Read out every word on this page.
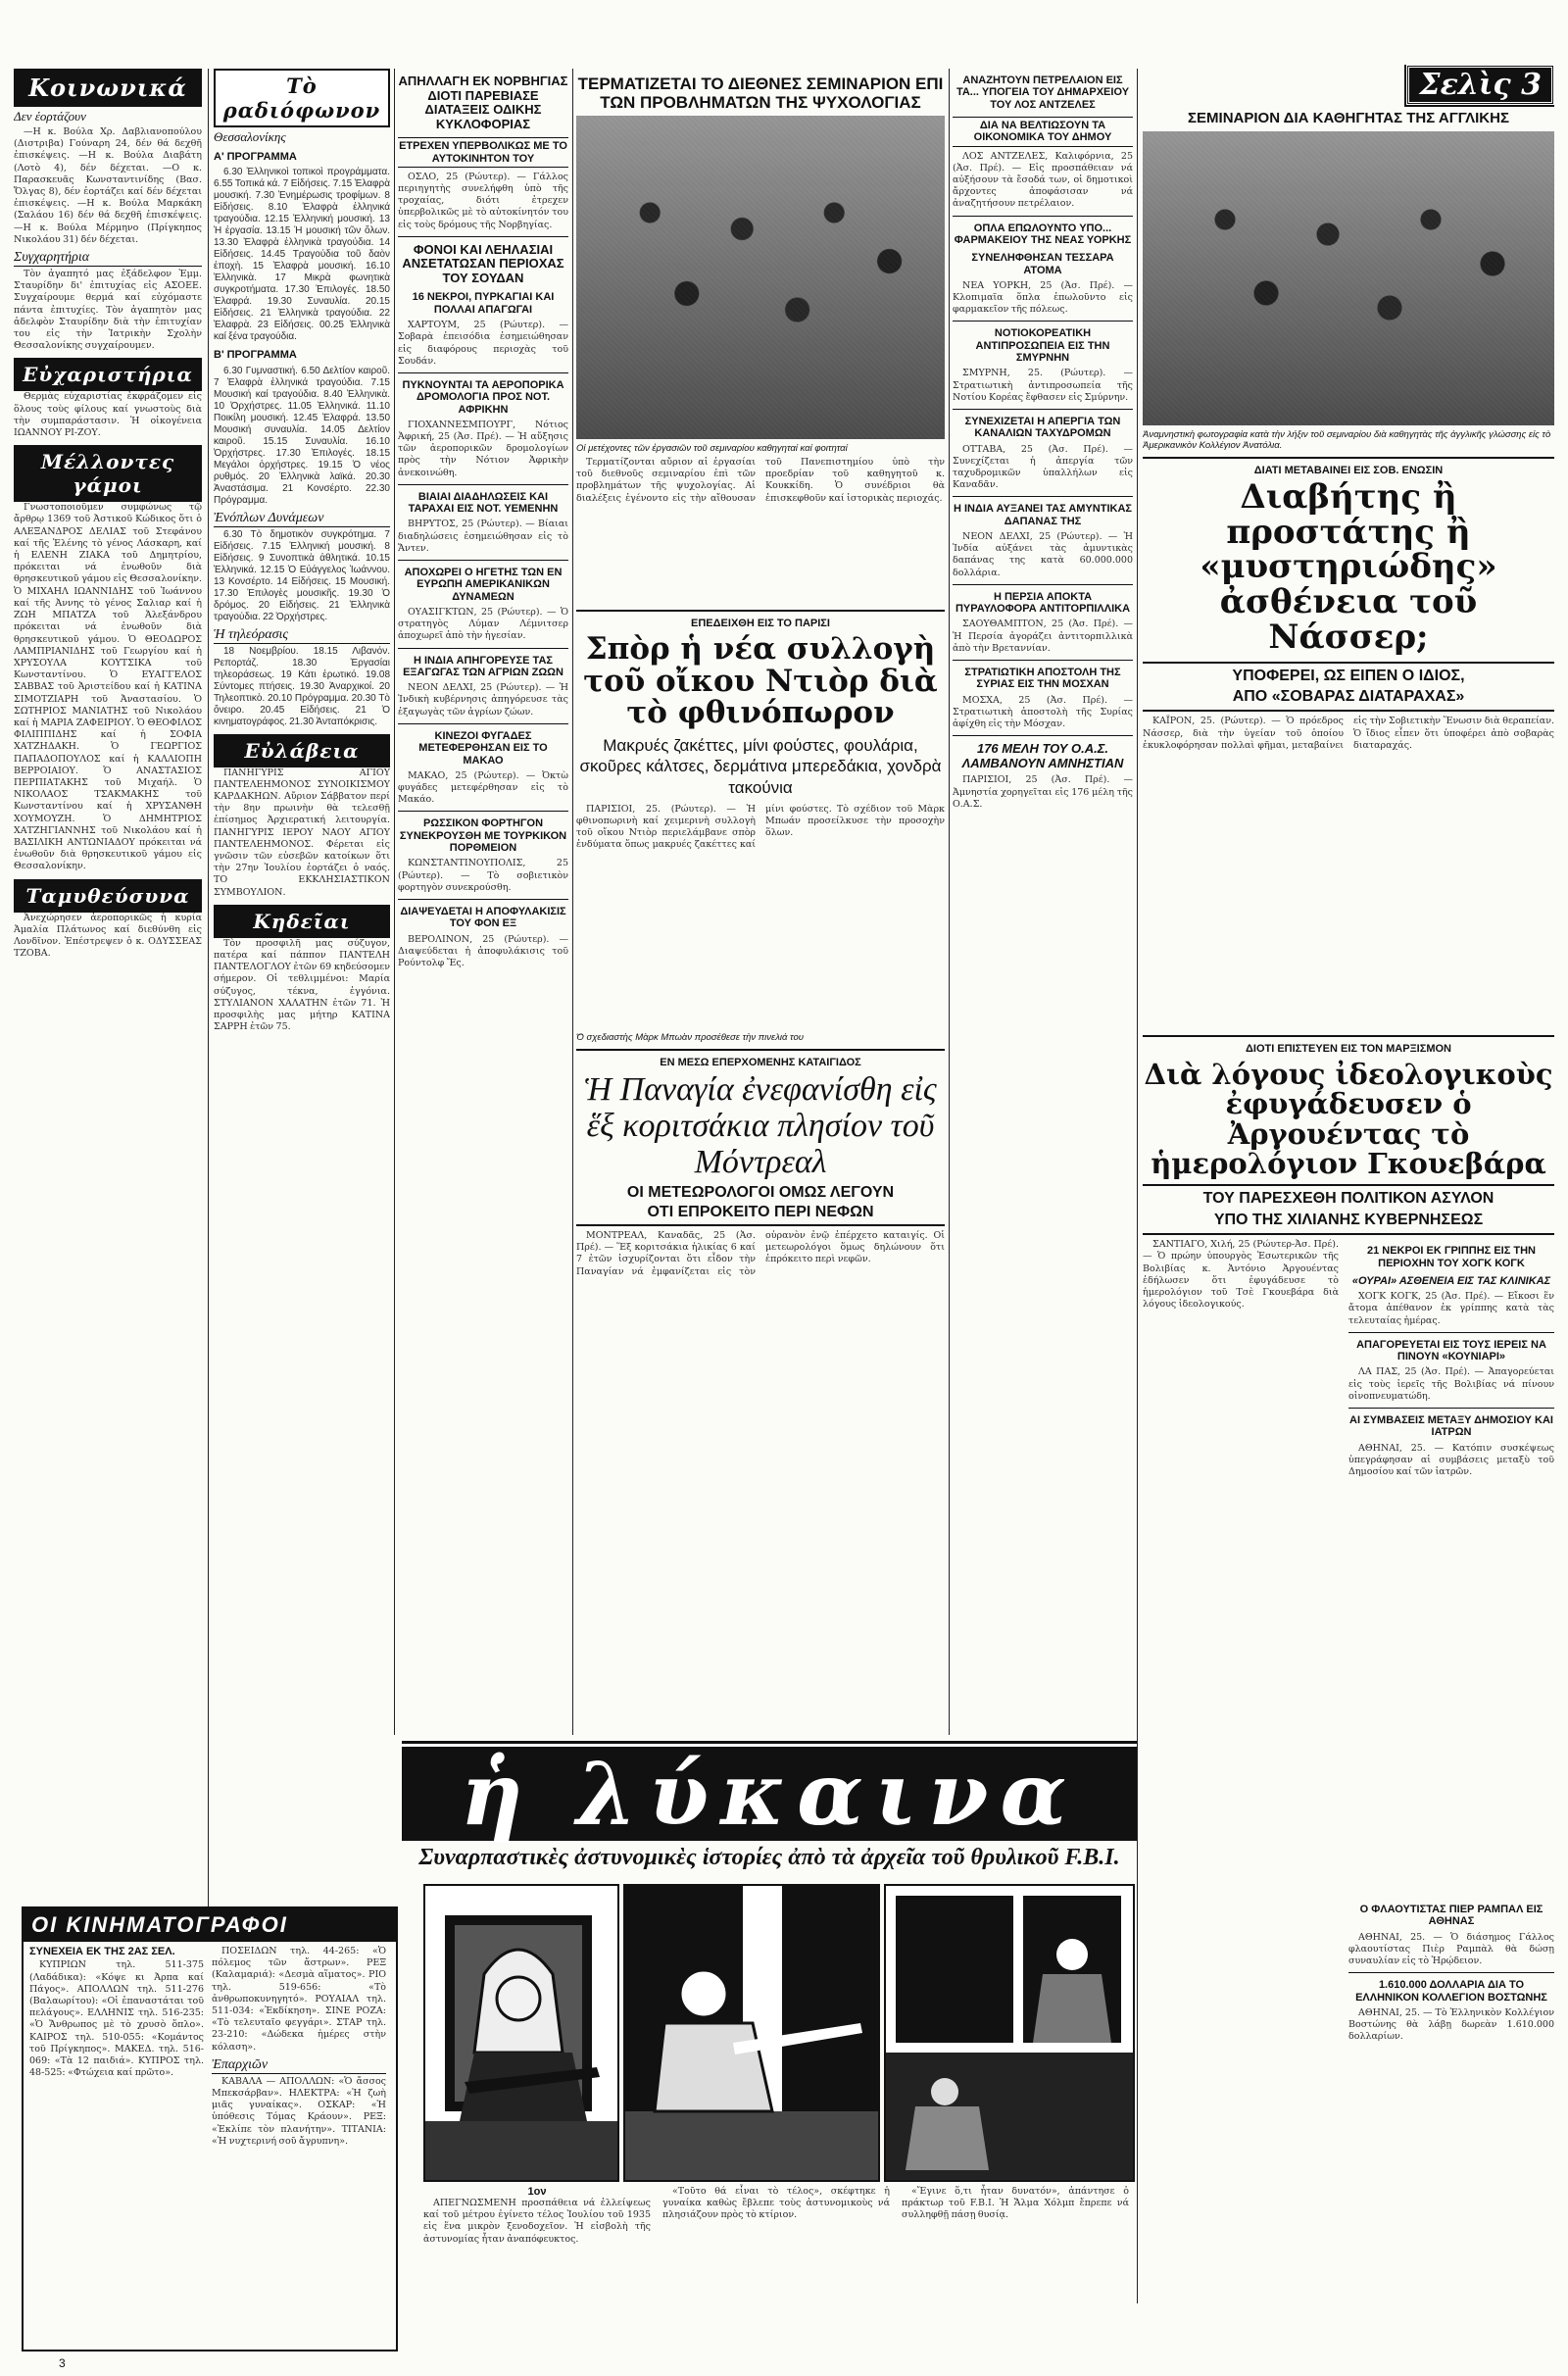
Κοινωνικά
Δεν έορτάζουν

—Η κ. Βούλα Χρ. Δαβλιανοπούλου (Διστριβα) Γούναρη 24, δέν θά δεχθῆ ἐπισκέψεις. —Η κ. Βούλα Διαβάτη (Λοτὸ 4), δέν δέχεται. —Ο κ. Παρασκευᾶς Κωνσταντινίδης (Βασ. Ὄλγας 8), δέν ἐορτάζει καί δέν δέχεται ἐπισκέψεις. —Η κ. Βούλα Μαρκάκη (Σαλάου 16) δέν θά δεχθῆ ἐπισκέψεις. —Η κ. Βούλα Μέρμηνο (Πρίγκηπος Νικολάου 31) δέν δέχεται.

Συγχαρητήρια

Τὸν ἀγαπητό μας ἐξάδελφον Ἐμμ. Σταυρίδην δι' ἐπιτυχίας εἰς ΑΣΟΕΕ. Συγχαίρουμε θερμά καί εὐχόμαστε πάντα ἐπιτυχίες. Τὸν ἀγαπητὸν μας ἀδελφὸν Σταυρίδην διὰ τὴν ἐπιτυχίαν του εἰς τὴν Ἰατρικὴν Σχολὴν Θεσσαλονίκης συγχαίρουμεν.

Εὐχαριστήρια

Θερμὰς εὐχαριστίας ἐκφράζομεν εἰς ὅλους τοὺς φίλους καί γνωστοὺς διὰ τὴν συμπαράστασιν. Ἡ οἰκογένεια ΙΩΑΝΝΟΥ ΡΙ-ΖΟΥ.

Μέλλοντες γάμοι

Γνωστοποιοῦμεν συμφώνως τῷ ἄρθρῳ 1369 τοῦ Ἀστικοῦ Κώδικος ὅτι ὁ ΑΛΕΞΑΝΔΡΟΣ ΔΕΛΙΑΣ τοῦ Στεφάνου καί τῆς Ἑλένης τὸ γένος Λάσκαρη, καί ἡ ΕΛΕΝΗ ΖΙΑΚΑ τοῦ Δημητρίου, πρόκειται νά ἐνωθοῦν διὰ θρησκευτικοῦ γάμου εἰς Θεσσαλονίκην. Ὁ ΜΙΧΑΗΛ ΙΩΑΝΝΙΔΗΣ τοῦ Ἰωάννου καί τῆς Ἀννης τὸ γένος Σαλιαρ καί ἡ ΖΩΗ ΜΠΑΤΖΑ τοῦ Ἀλεξάνδρου πρόκειται νά ἐνωθοῦν διὰ θρησκευτικοῦ γάμου. Ὁ ΘΕΟΔΩΡΟΣ ΛΑΜΠΡΙΑΝΙΔΗΣ τοῦ Γεωργίου καί ἡ ΧΡΥΣΟΥΛΑ ΚΟΥΤΣΙΚΑ τοῦ Κωνσταντίνου. Ὁ ΕΥΑΓΓΕΛΟΣ ΣΑΒΒΑΣ τοῦ Ἀριστείδου καί ἡ ΚΑΤΙΝΑ ΣΙΜΟΤΖΙΑΡΗ τοῦ Ἀναστασίου. Ὁ ΣΩΤΗΡΙΟΣ ΜΑΝΙΑΤΗΣ τοῦ Νικολάου καί ἡ ΜΑΡΙΑ ΖΑΦΕΙΡΙΟΥ. Ὁ ΘΕΟΦΙΛΟΣ ΦΙΛΙΠΠΙΔΗΣ καί ἡ ΣΟΦΙΑ ΧΑΤΖΗΔΑΚΗ. Ὁ ΓΕΩΡΓΙΟΣ ΠΑΠΑΔΟΠΟΥΛΟΣ καί ἡ ΚΑΛΛΙΟΠΗ ΒΕΡΡΟΙΑΙΟΥ. Ὁ ΑΝΑΣΤΑΣΙΟΣ ΠΕΡΠΙΑΤΑΚΗΣ τοῦ Μιχαήλ. Ὁ ΝΙΚΟΛΑΟΣ ΤΣΑΚΜΑΚΗΣ τοῦ Κωνσταντίνου καί ἡ ΧΡΥΣΑΝΘΗ ΧΟΥΜΟΥΖΗ. Ὁ ΔΗΜΗΤΡΙΟΣ ΧΑΤΖΗΓΙΑΝΝΗΣ τοῦ Νικολάου καί ἡ ΒΑΣΙΛΙΚΗ ΑΝΤΩΝΙΑΔΟΥ πρόκειται νά ἐνωθοῦν διὰ θρησκευτικοῦ γάμου εἰς Θεσσαλονίκην.

Ταμυθεύσυνα

Ἀνεχώρησεν ἀεροπορικῶς ἡ κυρία Ἀμαλία Πλάτωνος καί διεθύνθη εἰς Λονδῖνον. Ἐπέστρεψεν ὁ κ. ΟΔΥΣΣΕΑΣ ΤΖΟΒΑ.

Τὸ ραδιόφωνον
Θεσσαλονίκης
Α' ΠΡΟΓΡΑΜΜΑ

6.30 Ἐλληνικοὶ τοπικοὶ προγράμματα. 6.55 Τοπικά κά. 7 Εἰδήσεις. 7.15 Ἐλαφρὰ μουσική. 7.30 Ἐνημέρωσις τροφίμων. 8 Εἰδήσεις. 8.10 Ἐλαφρὰ ἐλληνικά τραγούδια. 12.15 Ἐλληνική μουσική. 13 Ἡ ἐργασία. 13.15 Ἡ μουσική τῶν ὅλων. 13.30 Ἐλαφρὰ ἐλληνικὰ τραγούδια. 14 Εἰδήσεις. 14.45 Τραγούδια τοῦ δαὸν ἐποχὴ. 15 Ἐλαφρὰ μουσική. 16.10 Ἐλληνικὰ. 17 Μικρὰ φωνητικὰ συγκροτήματα. 17.30 Ἐπιλογές. 18.50 Ἐλαφρά. 19.30 Συναυλία. 20.15 Εἰδήσεις. 21 Ἐλληνικὰ τραγούδια. 22 Ἐλαφρὰ. 23 Εἰδήσεις. 00.25 Ἐλληνικὰ καί ξένα τραγούδια.

Β' ΠΡΟΓΡΑΜΜΑ

6.30 Γυμναστική. 6.50 Δελτίον καιροῦ. 7 Ἐλαφρὰ ἐλληνικά τραγούδια. 7.15 Μουσική καί τραγούδια. 8.40 Ἐλληνικὰ. 10 Ὀρχήστρες. 11.05 Ἐλληνικά. 11.10 Ποικίλη μουσική. 12.45 Ἐλαφρά. 13.50 Μουσική συναυλία. 14.05 Δελτίον καιροῦ. 15.15 Συναυλία. 16.10 Ὀρχήστρες. 17.30 Ἐπιλογές. 18.15 Μεγάλοι ὀρχήστρες. 19.15 Ὁ νέος ρυθμός. 20 Ἐλληνικὰ λαϊκά. 20.30 Ἀναστάσιμα. 21 Κονσέρτο. 22.30 Πρόγραμμα.

Ἐνόπλων Δυνάμεων

6.30 Τὸ δημοτικὸν συγκρότημα. 7 Εἰδήσεις. 7.15 Ἐλληνική μουσική. 8 Εἰδήσεις. 9 Συνοπτικὰ ἀθλητικά. 10.15 Ἐλληνικά. 12.15 Ὁ Εὐάγγελος Ἰωάννου. 13 Κονσέρτο. 14 Εἰδήσεις. 15 Μουσική. 17.30 Ἐπιλογὲς μουσικῆς. 19.30 Ὁ δρόμος. 20 Εἰδήσεις. 21 Ἐλληνικὰ τραγούδια. 22 Ὀρχήστρες.

Ἡ τηλεόρασις

18 Νοεμβρίου. 18.15 Λιβανόν. Ρεπορτάζ. 18.30 Ἐργασίαι τηλεοράσεως. 19 Κάτι ἐρωτικό. 19.08 Σύντομες πτήσεις. 19.30 Ἀναρχικοί. 20 Τηλεοπτικὸ. 20.10 Πρόγραμμα. 20.30 Τὸ ὄνειρο. 20.45 Εἰδήσεις. 21 Ὁ κινηματογράφος. 21.30 Ἀνταπόκρισις.

Εὐλάβεια

ΠΑΝΗΓΥΡΙΣ ΑΓΙΟΥ ΠΑΝΤΕΛΕΗΜΟΝΟΣ ΣΥΝΟΙΚΙΣΜΟΥ ΚΑΡΔΑΚΗΩΝ. Αὔριον Σάββατον περί τὴν 8ην πρωινὴν θὰ τελεσθῇ ἐπίσημος Ἀρχιερατική λειτουργία. ΠΑΝΗΓΥΡΙΣ ΙΕΡΟΥ ΝΑΟΥ ΑΓΙΟΥ ΠΑΝΤΕΛΕΗΜΟΝΟΣ. Φέρεται εἰς γνῶσιν τῶν εὐσεβῶν κατοίκων ὅτι τὴν 27ην Ἰουλίου ἑορτάζει ὁ ναός. ΤΟ ΕΚΚΛΗΣΙΑΣΤΙΚΟΝ ΣΥΜΒΟΥΛΙΟΝ.

Κηδεῖαι

Τὸν προσφιλῆ μας σύζυγον, πατέρα καί πάππον ΠΑΝΤΕΛΗ ΠΑΝΤΕΛΟΓΛΟΥ ἐτῶν 69 κηδεύσομεν σήμερον. Οἱ τεθλιμμένοι: Μαρία σύζυγος, τέκνα, ἐγγόνια. ΣΤΥΛΙΑΝΟΝ ΧΑΛΑΤΗΝ ἐτῶν 71. Ἡ προσφιλὴς μας μήτηρ ΚΑΤΙΝΑ ΣΑΡΡΗ ἐτῶν 75.

ΑΠΗΛΛΑΓΗ ΕΚ ΝΟΡΒΗΓΙΑΣ ΔΙΟΤΙ ΠΑΡΕΒΙΑΣΕ ΔΙΑΤΑΞΕΙΣ ΟΔΙΚΗΣ ΚΥΚΛΟΦΟΡΙΑΣ
ΕΤΡΕΧΕΝ ΥΠΕΡΒΟΛΙΚΩΣ ΜΕ ΤΟ ΑΥΤΟΚΙΝΗΤΟΝ ΤΟΥ

ΟΣΛΟ, 25 (Ρώυτερ). — Γάλλος περιηγητὴς συνελήφθη ὑπὸ τῆς τροχαίας, διότι ἐτρεχεν ὑπερβολικῶς μὲ τὸ αὐτοκίνητόν του εἰς τοὺς δρόμους τῆς Νορβηγίας.

ΦΟΝΟΙ ΚΑΙ ΛΕΗΛΑΣΙΑΙ ΑΝΣΕΤΑΤΩΣΑΝ ΠΕΡΙΟΧΑΣ ΤΟΥ ΣΟΥΔΑΝ
16 ΝΕΚΡΟΙ, ΠΥΡΚΑΓΙΑΙ ΚΑΙ ΠΟΛΛΑΙ ΑΠΑΓΩΓΑΙ

ΧΑΡΤΟΥΜ, 25 (Ρώυτερ). — Σοβαρὰ ἐπεισόδια ἐσημειώθησαν εἰς διαφόρους περιοχὰς τοῦ Σουδάν.

ΠΥΚΝΟΥΝΤΑΙ ΤΑ ΑΕΡΟΠΟΡΙΚΑ ΔΡΟΜΟΛΟΓΙΑ ΠΡΟΣ ΝΟΤ. ΑΦΡΙΚΗΝ

ΓΙΟΧΑΝΝΕΣΜΠΟΥΡΓ, Νότιος Ἀφρική, 25 (Ἀσ. Πρέ). — Ἡ αὔξησις τῶν ἀεροπορικῶν δρομολογίων πρὸς τὴν Νότιον Ἀφρικὴν ἀνεκοινώθη.

ΒΙΑΙΑΙ ΔΙΑΔΗΛΩΣΕΙΣ ΚΑΙ ΤΑΡΑΧΑΙ ΕΙΣ ΝΟΤ. ΥΕΜΕΝΗΝ

ΒΗΡΥΤΟΣ, 25 (Ρώυτερ). — Βίαιαι διαδηλώσεις ἐσημειώθησαν εἰς τὸ Ἄντεν.

ΑΠΟΧΩΡΕΙ Ο ΗΓΕΤΗΣ ΤΩΝ ΕΝ ΕΥΡΩΠΗ ΑΜΕΡΙΚΑΝΙΚΩΝ ΔΥΝΑΜΕΩΝ

ΟΥΑΣΙΓΚΤΩΝ, 25 (Ρώυτερ). — Ὁ στρατηγὸς Λύμαν Λέμνιτσερ ἀποχωρεῖ ἀπὸ τὴν ἡγεσίαν.

Η ΙΝΔΙΑ ΑΠΗΓΟΡΕΥΣΕ ΤΑΣ ΕΞΑΓΩΓΑΣ ΤΩΝ ΑΓΡΙΩΝ ΖΩΩΝ

ΝΕΟΝ ΔΕΛΧΙ, 25 (Ρώυτερ). — Ἡ Ἰνδικὴ κυβέρνησις ἀπηγόρευσε τὰς ἐξαγωγὰς τῶν ἀγρίων ζώων.

ΚΙΝΕΖΟΙ ΦΥΓΑΔΕΣ ΜΕΤΕΦΕΡΘΗΣΑΝ ΕΙΣ ΤΟ ΜΑΚΑΟ

ΜΑΚΑΟ, 25 (Ρώυτερ). — Ὀκτὼ φυγάδες μετεφέρθησαν εἰς τὸ Μακάο.

ΡΩΣΣΙΚΟΝ ΦΟΡΤΗΓΟΝ ΣΥΝΕΚΡΟΥΣΘΗ ΜΕ ΤΟΥΡΚΙΚΟΝ ΠΟΡΘΜΕΙΟΝ

ΚΩΝΣΤΑΝΤΙΝΟΥΠΟΛΙΣ, 25 (Ρώυτερ). — Τὸ σοβιετικὸν φορτηγὸν συνεκρούσθη.

ΔΙΑΨΕΥΔΕΤΑΙ Η ΑΠΟΦΥΛΑΚΙΣΙΣ ΤΟΥ ΦΟΝ ΕΞ

ΒΕΡΟΛΙΝΟΝ, 25 (Ρώυτερ). — Διαψεύδεται ἡ ἀποφυλάκισις τοῦ Ρούντολφ Ἔς.

ΤΕΡΜΑΤΙΖΕΤΑΙ ΤΟ ΔΙΕΘΝΕΣ ΣΕΜΙΝΑΡΙΟΝ ΕΠΙ ΤΩΝ ΠΡΟΒΛΗΜΑΤΩΝ ΤΗΣ ΨΥΧΟΛΟΓΙΑΣ
Οἱ μετέχοντες τῶν ἐργασιῶν τοῦ σεμιναρίου καθηγηταί καί φοιτηταί

Τερματίζονται αὔριον αἱ ἐργασίαι τοῦ διεθνοῦς σεμιναρίου ἐπὶ τῶν προβλημάτων τῆς ψυχολογίας. Αἱ διαλέξεις ἐγένοντο εἰς τὴν αἴθουσαν τοῦ Πανεπιστημίου ὑπὸ τὴν προεδρίαν τοῦ καθηγητοῦ κ. Κουκκίδη. Ὁ συνέδριοι θὰ ἐπισκεφθοῦν καί ἱστορικὰς περιοχάς.

ΕΠΕΔΕΙΧΘΗ ΕΙΣ ΤΟ ΠΑΡΙΣΙ
Σπὸρ ἡ νέα συλλογὴ τοῦ οἴκου Ντιὸρ διὰ τὸ φθινόπωρον
Μακρυές ζακέττες, μίνι φούστες, φουλάρια, σκοῦρες κάλτσες, δερμάτινα μπερεδάκια, χονδρὰ τακούνια

ΠΑΡΙΣΙΟΙ, 25. (Ρώυτερ). — Ἡ φθινοπωρινὴ καί χειμερινὴ συλλογὴ τοῦ οἴκου Ντιὸρ περιελάμβανε σπὸρ ἐνδύματα ὅπως μακρυές ζακέττες καί μίνι φούστες. Τὸ σχέδιον τοῦ Μὰρκ Μπωάν προσείλκυσε τὴν προσοχὴν ὅλων.

Ὁ σχεδιαστὴς Μὰρκ Μπωὰν προσέθεσε τὴν πινελιά του
ΕΝ ΜΕΣΩ ΕΠΕΡΧΟΜΕΝΗΣ ΚΑΤΑΙΓΙΔΟΣ
Ἡ Παναγία ἐνεφανίσθη εἰς ἕξ κοριτσάκια πλησίον τοῦ Μόντρεαλ
ΟΙ ΜΕΤΕΩΡΟΛΟΓΟΙ ΟΜΩΣ ΛΕΓΟΥΝ
ΟΤΙ ΕΠΡΟΚΕΙΤΟ ΠΕΡΙ ΝΕΦΩΝ

ΜΟΝΤΡΕΑΛ, Καναδᾶς, 25 (Ἀσ. Πρέ). — Ἕξ κοριτσάκια ἡλικίας 6 καί 7 ἐτῶν ἰσχυρίζονται ὅτι εἶδον τὴν Παναγίαν νά ἐμφανίζεται εἰς τὸν οὐρανὸν ἐνῷ ἐπέρχετο καταιγίς. Οἱ μετεωρολόγοι ὅμως δηλώνουν ὅτι ἐπρόκειτο περὶ νεφῶν.

ΑΝΑΖΗΤΟΥΝ ΠΕΤΡΕΛΑΙΟΝ ΕΙΣ ΤΑ... ΥΠΟΓΕΙΑ ΤΟΥ ΔΗΜΑΡΧΕΙΟΥ ΤΟΥ ΛΟΣ ΑΝΤΖΕΛΕΣ
ΔΙΑ ΝΑ ΒΕΛΤΙΩΣΟΥΝ ΤΑ ΟΙΚΟΝΟΜΙΚΑ ΤΟΥ ΔΗΜΟΥ

ΛΟΣ ΑΝΤΖΕΛΕΣ, Καλιφόρνια, 25 (Ἀσ. Πρέ). — Εἰς προσπάθειαν νά αὐξήσουν τὰ ἔσοδά των, οἱ δημοτικοὶ ἄρχοντες ἀποφάσισαν νά ἀναζητήσουν πετρέλαιον.

ΟΠΛΑ ΕΠΩΛΟΥΝΤΟ ΥΠΟ... ΦΑΡΜΑΚΕΙΟΥ ΤΗΣ ΝΕΑΣ ΥΟΡΚΗΣ
ΣΥΝΕΛΗΦΘΗΣΑΝ ΤΕΣΣΑΡΑ ΑΤΟΜΑ

ΝΕΑ ΥΟΡΚΗ, 25 (Ἀσ. Πρέ). — Κλοπιμαῖα ὅπλα ἐπωλοῦντο εἰς φαρμακεῖον τῆς πόλεως.

ΝΟΤΙΟΚΟΡΕΑΤΙΚΗ ΑΝΤΙΠΡΟΣΩΠΕΙΑ ΕΙΣ ΤΗΝ ΣΜΥΡΝΗΝ

ΣΜΥΡΝΗ, 25. (Ρώυτερ). — Στρατιωτικὴ ἀντιπροσωπεία τῆς Νοτίου Κορέας ἔφθασεν εἰς Σμύρνην.

ΣΥΝΕΧΙΖΕΤΑΙ Η ΑΠΕΡΓΙΑ ΤΩΝ ΚΑΝΑΛΙΩΝ ΤΑΧΥΔΡΟΜΩΝ

ΟΤΤΑΒΑ, 25 (Ἀσ. Πρέ). — Συνεχίζεται ἡ ἀπεργία τῶν ταχυδρομικῶν ὑπαλλήλων εἰς Καναδᾶν.

Η ΙΝΔΙΑ ΑΥΞΑΝΕΙ ΤΑΣ ΑΜΥΝΤΙΚΑΣ ΔΑΠΑΝΑΣ ΤΗΣ

ΝΕΟΝ ΔΕΛΧΙ, 25 (Ρώυτερ). — Ἡ Ἰνδία αὐξάνει τὰς ἀμυντικὰς δαπάνας της κατὰ 60.000.000 δολλάρια.

Η ΠΕΡΣΙΑ ΑΠΟΚΤΑ ΠΥΡΑΥΛΟΦΟΡΑ ΑΝΤΙΤΟΡΠΙΛΛΙΚΑ

ΣΑΟΥΘΑΜΠΤΟΝ, 25 (Ἀσ. Πρέ). — Ἡ Περσία ἀγοράζει ἀντιτορπιλλικὰ ἀπὸ τὴν Βρεταννίαν.

ΣΤΡΑΤΙΩΤΙΚΗ ΑΠΟΣΤΟΛΗ ΤΗΣ ΣΥΡΙΑΣ ΕΙΣ ΤΗΝ ΜΟΣΧΑΝ

ΜΟΣΧΑ, 25 (Ἀσ. Πρέ). — Στρατιωτικὴ ἀποστολὴ τῆς Συρίας ἀφίχθη εἰς τὴν Μόσχαν.

176 ΜΕΛΗ ΤΟΥ Ο.Α.Σ. ΛΑΜΒΑΝΟΥΝ ΑΜΝΗΣΤΙΑΝ

ΠΑΡΙΣΙΟΙ, 25 (Ἀσ. Πρέ). — Ἀμνηστία χορηγεῖται εἰς 176 μέλη τῆς Ο.Α.Σ.

Σελὶς 3
ΣΕΜΙΝΑΡΙΟΝ ΔΙΑ ΚΑΘΗΓΗΤΑΣ ΤΗΣ ΑΓΓΛΙΚΗΣ
Ἀναμνηστικὴ φωτογραφία κατὰ τὴν λήξιν τοῦ σεμιναρίου διὰ καθηγητὰς τῆς ἀγγλικῆς γλώσσης εἰς τὸ Ἀμερικανικὸν Κολλέγιον Ἀνατόλια.
ΔΙΑΤΙ ΜΕΤΑΒΑΙΝΕΙ ΕΙΣ ΣΟΒ. ΕΝΩΣΙΝ
Διαβήτης ἢ προστάτης ἢ «μυστηριώδης» ἀσθένεια τοῦ Νάσσερ;
ΥΠΟΦΕΡΕΙ, ΩΣ ΕΙΠΕΝ Ο ΙΔΙΟΣ,
ΑΠΟ «ΣΟΒΑΡΑΣ ΔΙΑΤΑΡΑΧΑΣ»

ΚΑΪΡΟΝ, 25. (Ρώυτερ). — Ὁ πρόεδρος Νάσσερ, διὰ τὴν ὑγείαν τοῦ ὁποίου ἐκυκλοφόρησαν πολλαὶ φῆμαι, μεταβαίνει εἰς τὴν Σοβιετικὴν Ἕνωσιν διὰ θεραπείαν. Ὁ ἴδιος εἶπεν ὅτι ὑποφέρει ἀπὸ σοβαρὰς διαταραχάς.

ΔΙΟΤΙ ΕΠΙΣΤΕΥΕΝ ΕΙΣ ΤΟΝ ΜΑΡΞΙΣΜΟΝ
Διὰ λόγους ἰδεολογικοὺς ἐφυγάδευσεν ὁ Ἀργουέντας τὸ ἡμερολόγιον Γκουεβάρα
ΤΟΥ ΠΑΡΕΣΧΕΘΗ ΠΟΛΙΤΙΚΟΝ ΑΣΥΛΟΝ
ΥΠΟ ΤΗΣ ΧΙΛΙΑΝΗΣ ΚΥΒΕΡΝΗΣΕΩΣ

ΣΑΝΤΙΑΓΟ, Χιλή, 25 (Ρώυτερ-Ἀσ. Πρέ). — Ὁ πρώην ὑπουργὸς Ἐσωτερικῶν τῆς Βολιβίας κ. Ἀντόνιο Ἀργουέντας ἐδήλωσεν ὅτι ἐφυγάδευσε τὸ ἡμερολόγιον τοῦ Τσὲ Γκουεβάρα διὰ λόγους ἰδεολογικούς.

21 ΝΕΚΡΟΙ ΕΚ ΓΡΙΠΠΗΣ ΕΙΣ ΤΗΝ ΠΕΡΙΟΧΗΝ ΤΟΥ ΧΟΓΚ ΚΟΓΚ
«ΟΥΡΑΙ» ΑΣΘΕΝΕΙΑ ΕΙΣ ΤΑΣ ΚΛΙΝΙΚΑΣ

ΧΟΓΚ ΚΟΓΚ, 25 (Ἀσ. Πρέ). — Εἴκοσι ἕν ἄτομα ἀπέθανον ἐκ γρίππης κατὰ τὰς τελευταίας ἡμέρας.

ΑΠΑΓΟΡΕΥΕΤΑΙ ΕΙΣ ΤΟΥΣ ΙΕΡΕΙΣ ΝΑ ΠΙΝΟΥΝ «ΚΟΥΝΙΑΡΙ»

ΛΑ ΠΑΣ, 25 (Ἀσ. Πρέ). — Ἀπαγορεύεται εἰς τοὺς ἱερεῖς τῆς Βολιβίας νά πίνουν οἰνοπνευματώδη.

ΑΙ ΣΥΜΒΑΣΕΙΣ ΜΕΤΑΞΥ ΔΗΜΟΣΙΟΥ ΚΑΙ ΙΑΤΡΩΝ

ΑΘΗΝΑΙ, 25. — Κατόπιν συσκέψεως ὑπεγράφησαν αἱ συμβάσεις μεταξὺ τοῦ Δημοσίου καί τῶν ἰατρῶν.

Ο ΦΛΑΟΥΤΙΣΤΑΣ ΠΙΕΡ ΡΑΜΠΑΛ ΕΙΣ ΑΘΗΝΑΣ

ΑΘΗΝΑΙ, 25. — Ὁ διάσημος Γάλλος φλαουτίστας Πιὲρ Ραμπὰλ θὰ δώσῃ συναυλίαν εἰς τὸ Ἡρῴδειον.

1.610.000 ΔΟΛΛΑΡΙΑ ΔΙΑ ΤΟ ΕΛΛΗΝΙΚΟΝ ΚΟΛΛΕΓΙΟΝ ΒΟΣΤΩΝΗΣ

ΑΘΗΝΑΙ, 25. — Τὸ Ἑλληνικὸν Κολλέγιον Βοστώνης θὰ λάβῃ δωρεὰν 1.610.000 δολλαρίων.

ΟΙ ΚΙΝΗΜΑΤΟΓΡΑΦΟΙ
ΣΥΝΕΧΕΙΑ ΕΚ ΤΗΣ 2ΑΣ ΣΕΛ.

ΚΥΠΡΙΩΝ τηλ. 511-375 (Λαδάδικα): «Κόψε κι Ἀρπα καί Πάγος». ΑΠΟΛΛΩΝ τηλ. 511-276 (Βαλαωρίτου): «Οἱ ἐπαναστάται τοῦ πελάγους». ΕΛΛΗΝΙΣ τηλ. 516-235: «Ὁ Ἄνθρωπος μὲ τὸ χρυσὸ ὅπλο». ΚΑΙΡΟΣ τηλ. 510-055: «Κομάντος τοῦ Πρίγκηπος». ΜΑΚΕΔ. τηλ. 516-069: «Τὰ 12 παιδιά». ΚΥΠΡΟΣ τηλ. 48-525: «Φτώχεια καί πρῶτο».

ΠΟΣΕΙΔΩΝ τηλ. 44-265: «Ὁ πόλεμος τῶν ἄστρων». ΡΕΞ (Καλαμαριά): «Δεσμὰ αἵματος». ΡΙΟ τηλ. 519-656: «Τὸ ἀνθρωποκυνηγητό». ΡΟΥΑΙΑΛ τηλ. 511-034: «Ἐκδίκηση». ΣΙΝΕ ΡΟΖΑ: «Τὸ τελευταῖο φεγγάρι». ΣΤΑΡ τηλ. 23-210: «Δώδεκα ἡμέρες στὴν κόλαση».

Ἐπαρχιῶν

ΚΑΒΑΛΑ — ΑΠΟΛΛΩΝ: «Ὁ ἄσσος Μπεκσάρβαν». ΗΛΕΚΤΡΑ: «Ἡ ζωὴ μιᾶς γυναίκας». ΟΣΚΑΡ: «Ἡ ὑπόθεσις Τόμας Κράουν». ΡΕΞ: «Ἐκλίπε τὸν πλανήτην». ΤΙΤΑΝΙΑ: «Ἡ νυχτερινή σοῦ ἄγρυπνη».

3
ἡ λύκαινα
Συναρπαστικὲς ἀστυνομικὲς ἱστορίες ἀπὸ τὰ ἀρχεῖα τοῦ θρυλικοῦ F.B.I.
1ον

ΑΠΕΓΝΩΣΜΕΝΗ προσπάθεια νά ἐλλείψεως καί τοῦ μέτρου ἐγίνετο τέλος Ἰουλίου τοῦ 1935 εἰς ἕνα μικρὸν ξενοδοχεῖον. Ἡ εἰσβολὴ τῆς ἀστυνομίας ἦταν ἀναπόφευκτος.

«Τοῦτο θά εἶναι τὸ τέλος», σκέφτηκε ἡ γυναίκα καθὼς ἔβλεπε τοὺς ἀστυνομικοὺς νά πλησιάζουν πρὸς τὸ κτίριον.

«Ἔγινε ὅ,τι ἦταν δυνατόν», ἀπάντησε ὁ πράκτωρ τοῦ F.B.I. Ἡ Ἄλμα Χόλμπ ἔπρεπε νά συλληφθῇ πάσῃ θυσίᾳ.
